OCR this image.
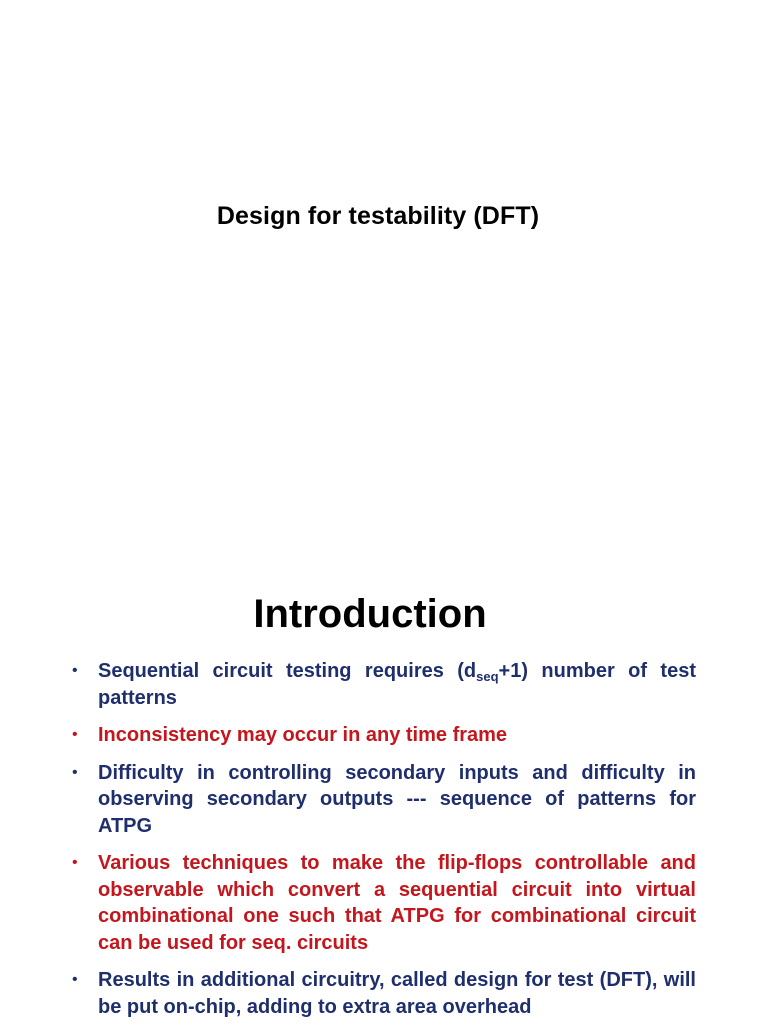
Design for testability (DFT)
Introduction
• Sequential circuit testing requires $(d_{seq}+1)$ number of test patterns
• Inconsistency may occur in any time frame
• Difficulty in controlling secondary inputs and difficulty in observing secondary outputs --- sequence of patterns for ATPG
• Various techniques to make the flip-flops controllable and observable which convert a sequential circuit into virtual combinational one such that ATPG for combinational circuit can be used for seq. circuits
• Results in additional circuitry, called design for test (DFT), will be put on-chip, adding to extra area overhead
